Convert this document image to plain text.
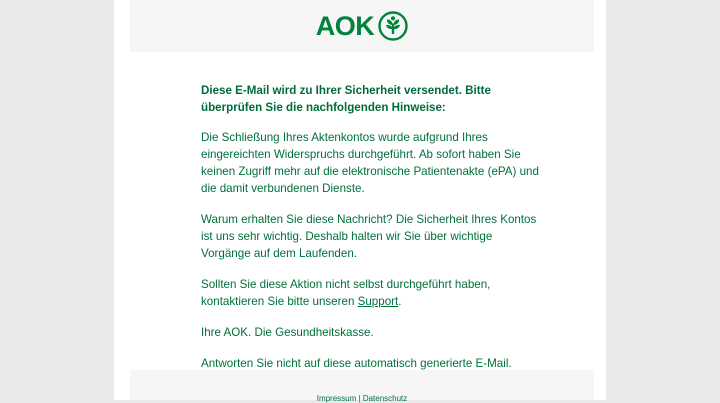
AOK

Diese E-Mail wird zu Ihrer Sicherheit versendet. Bitte überprüfen Sie die nachfolgenden Hinweise:

Die Schließung Ihres Aktenkontos wurde aufgrund Ihres eingereichten Widerspruchs durchgeführt. Ab sofort haben Sie keinen Zugriff mehr auf die elektronische Patientenakte (ePA) und die damit verbundenen Dienste.

Warum erhalten Sie diese Nachricht? Die Sicherheit Ihres Kontos ist uns sehr wichtig. Deshalb halten wir Sie über wichtige Vorgänge auf dem Laufenden.

Sollten Sie diese Aktion nicht selbst durchgeführt haben, kontaktieren Sie bitte unseren Support.

Ihre AOK. Die Gesundheitskasse.

Antworten Sie nicht auf diese automatisch generierte E-Mail.

Impressum | Datenschutz
